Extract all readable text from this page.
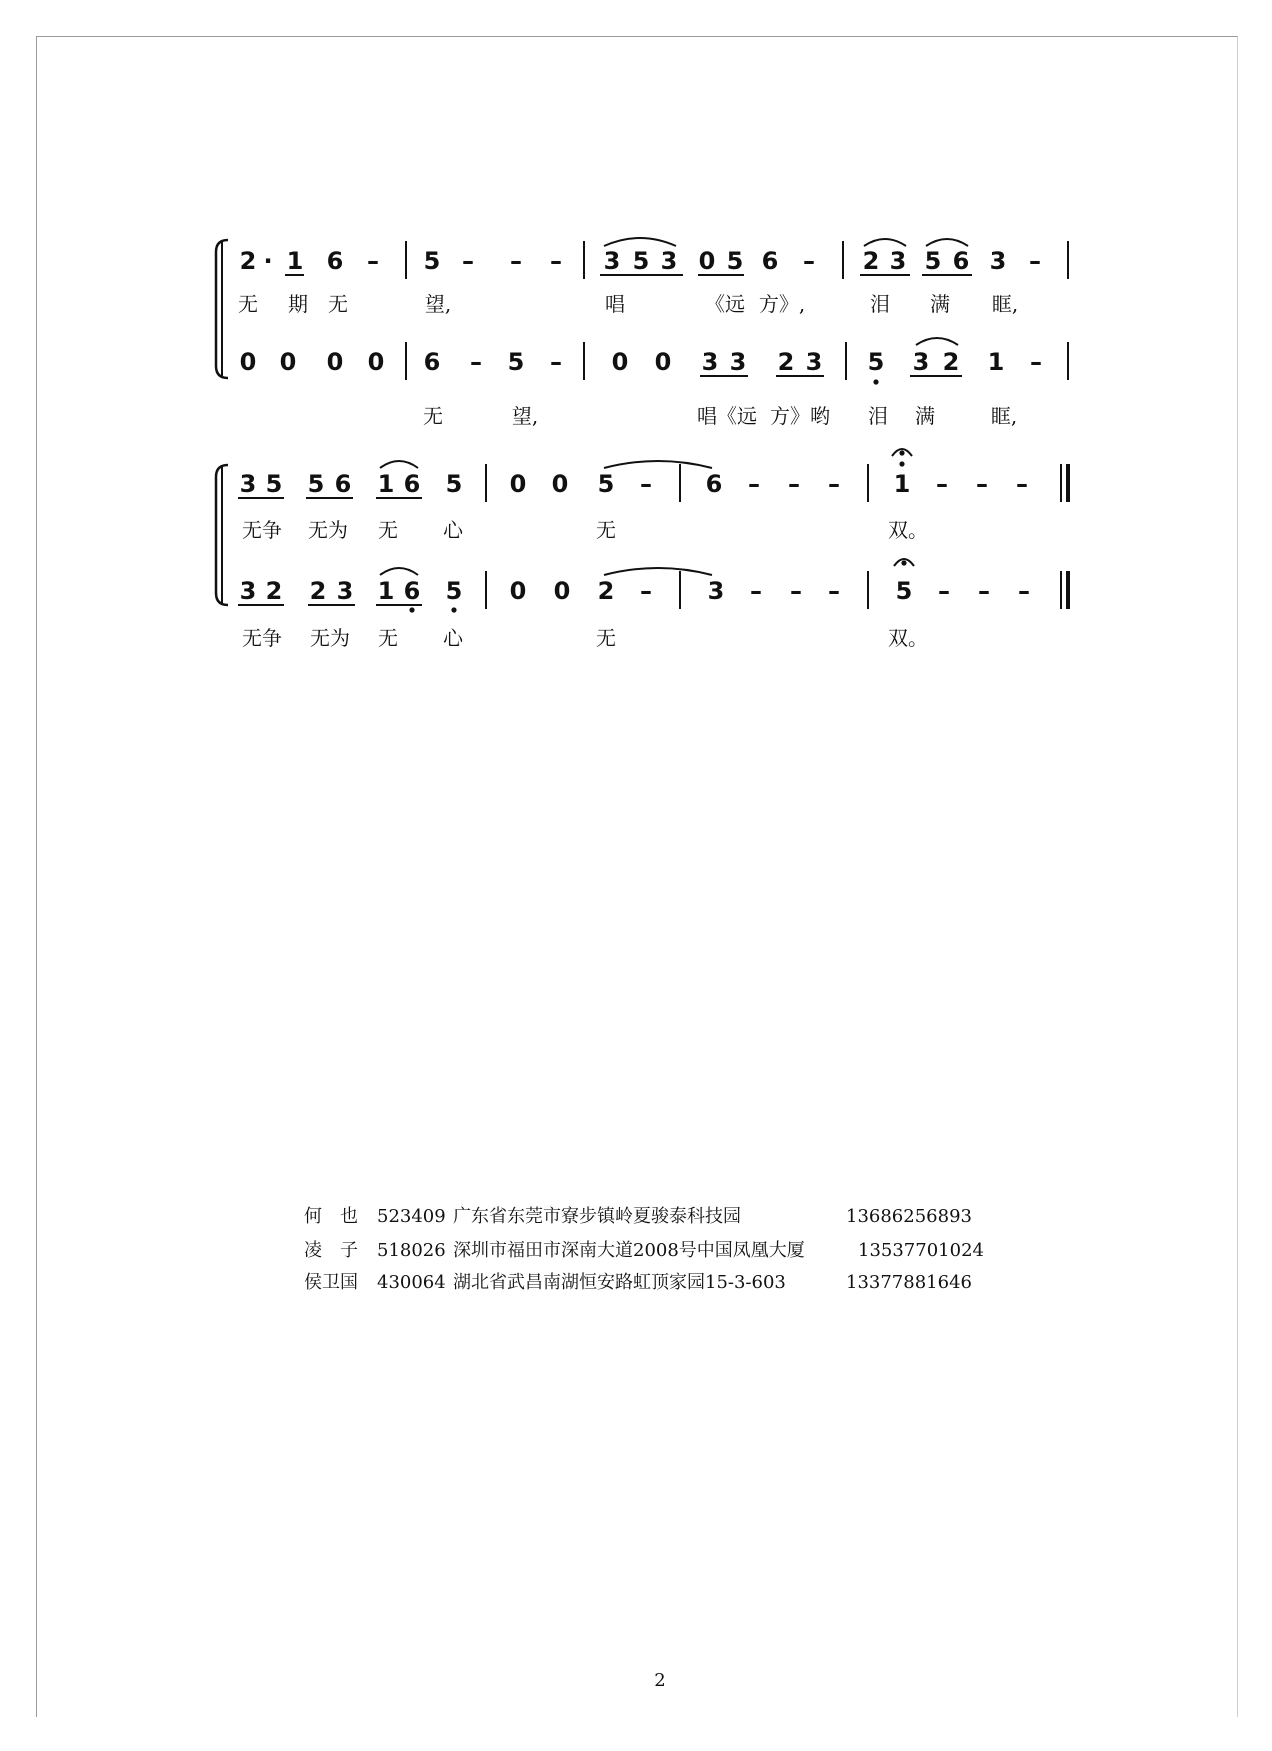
2 · 1 6 – 5 – – – 3 5 3 0 5 6 – 2 3 5 6 3 –
无 期 无	望,	唱	《远 方》,	泪 满 眶,
0 0 0 0 6 – 5 – 0 0 3 3 2 3 5 3 2 1 –
无	望,	唱《远 方》哟 泪 满	眶,
3 5 5 6 1 6 5 0 0 5 – 6 – – – 1 – – –
无争 无为 无 心	无	双。
3 2 2 3 1 6 5 0 0 2 – 3 – – – 5 – – –
无争 无为 无 心	无	双。
何　也 523409 广东省东莞市寮步镇岭夏骏泰科技园	13686256893
凌　子 518026 深圳市福田市深南大道2008号中国凤凰大厦	13537701024
侯卫国 430064 湖北省武昌南湖恒安路虹顶家园15-3-603	13377881646
2
